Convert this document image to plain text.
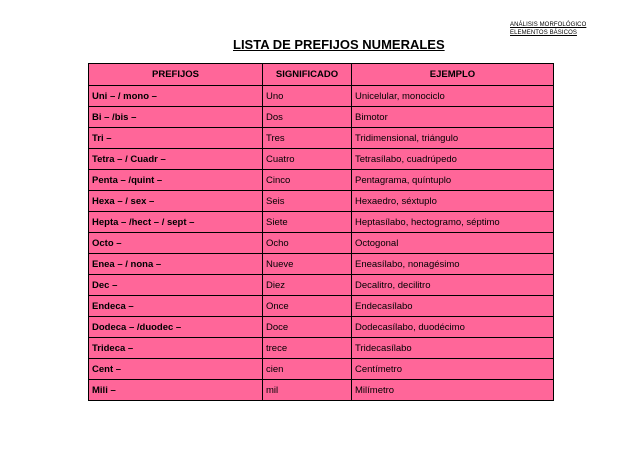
ANÁLISIS MORFOLÓGICO
ELEMENTOS BÁSICOS
LISTA DE PREFIJOS NUMERALES
PREFIJOS	SIGNIFICADO	EJEMPLO
Uni – / mono –	Uno	Unicelular, monociclo
Bi – /bis –	Dos	Bimotor
Tri –	Tres	Tridimensional, triángulo
Tetra – / Cuadr –	Cuatro	Tetrasílabo, cuadrúpedo
Penta – /quint –	Cinco	Pentagrama, quíntuplo
Hexa – / sex –	Seis	Hexaedro, séxtuplo
Hepta – /hect – / sept –	Siete	Heptasílabo, hectogramo, séptimo
Octo –	Ocho	Octogonal
Enea – / nona –	Nueve	Eneasílabo, nonagésimo
Dec –	Diez	Decalitro, decilitro
Endeca –	Once	Endecasílabo
Dodeca – /duodec –	Doce	Dodecasílabo, duodécimo
Trideca –	trece	Tridecasílabo
Cent –	cien	Centímetro
Mili –	mil	Milímetro
